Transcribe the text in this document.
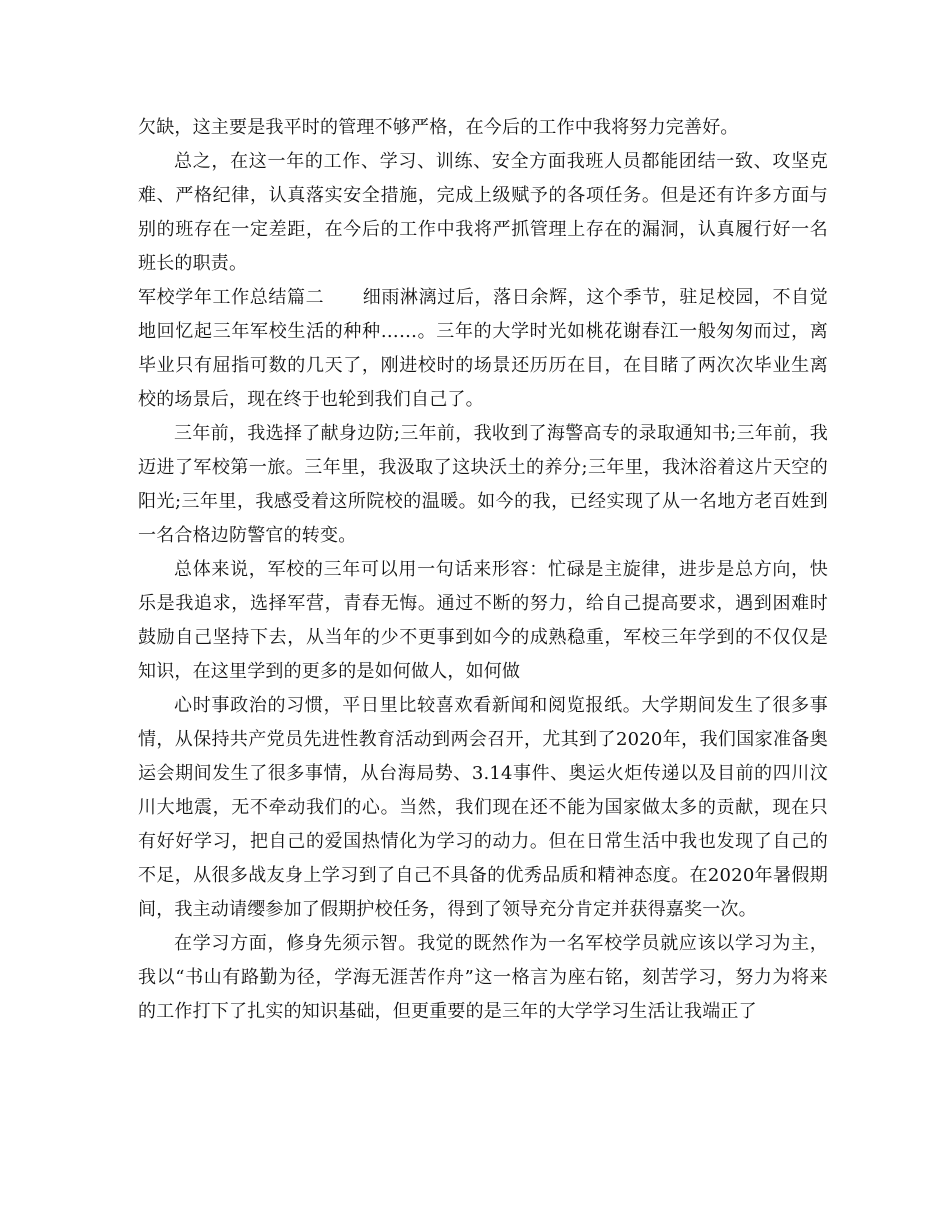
欠缺，这主要是我平时的管理不够严格，在今后的工作中我将努力完善好。

总之，在这一年的工作、学习、训练、安全方面我班人员都能团结一致、攻坚克难、严格纪律，认真落实安全措施，完成上级赋予的各项任务。但是还有许多方面与别的班存在一定差距，在今后的工作中我将严抓管理上存在的漏洞，认真履行好一名班长的职责。

军校学年工作总结篇二 细雨淋漓过后，落日余辉，这个季节，驻足校园，不自觉地回忆起三年军校生活的种种……。三年的大学时光如桃花谢春江一般匆匆而过，离毕业只有屈指可数的几天了，刚进校时的场景还历历在目，在目睹了两次次毕业生离校的场景后，现在终于也轮到我们自己了。

三年前，我选择了献身边防;三年前，我收到了海警高专的录取通知书;三年前，我迈进了军校第一旅。三年里，我汲取了这块沃土的养分;三年里，我沐浴着这片天空的阳光;三年里，我感受着这所院校的温暖。如今的我，已经实现了从一名地方老百姓到一名合格边防警官的转变。

总体来说，军校的三年可以用一句话来形容：忙碌是主旋律，进步是总方向，快乐是我追求，选择军营，青春无悔。通过不断的努力，给自己提高要求，遇到困难时鼓励自己坚持下去，从当年的少不更事到如今的成熟稳重，军校三年学到的不仅仅是知识，在这里学到的更多的是如何做人，如何做

心时事政治的习惯，平日里比较喜欢看新闻和阅览报纸。大学期间发生了很多事情，从保持共产党员先进性教育活动到两会召开，尤其到了2020年，我们国家准备奥运会期间发生了很多事情，从台海局势、3.14事件、奥运火炬传递以及目前的四川汶川大地震，无不牵动我们的心。当然，我们现在还不能为国家做太多的贡献，现在只有好好学习，把自己的爱国热情化为学习的动力。但在日常生活中我也发现了自己的不足，从很多战友身上学习到了自己不具备的优秀品质和精神态度。在2020年暑假期间，我主动请缨参加了假期护校任务，得到了领导充分肯定并获得嘉奖一次。

在学习方面，修身先须示智。我觉的既然作为一名军校学员就应该以学习为主，我以“书山有路勤为径，学海无涯苦作舟”这一格言为座右铭，刻苦学习，努力为将来的工作打下了扎实的知识基础，但更重要的是三年的大学学习生活让我端正了
